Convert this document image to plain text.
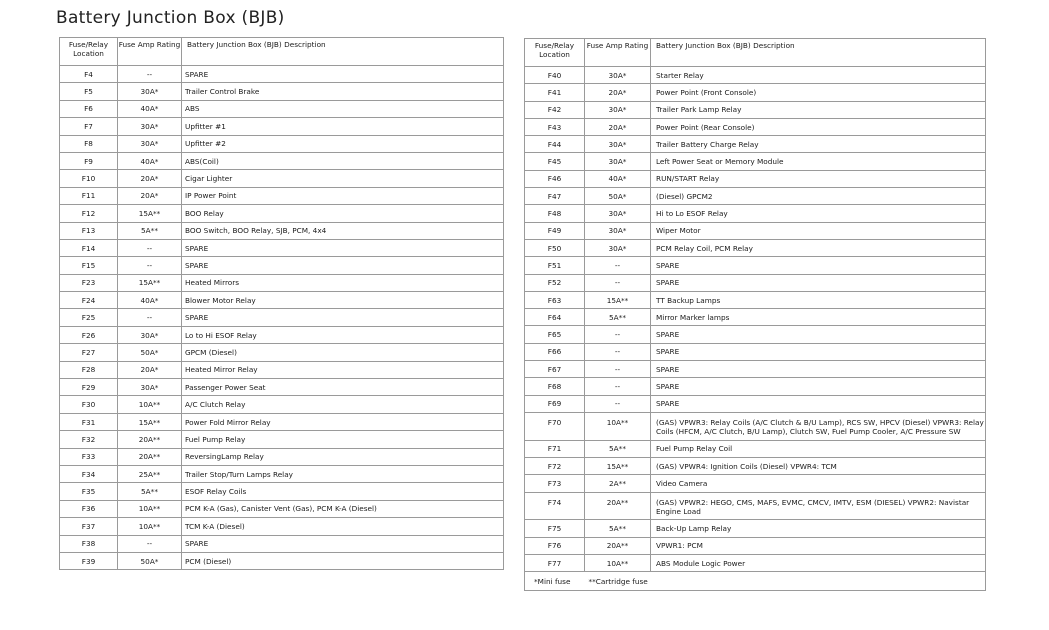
Battery Junction Box (BJB)
Fuse/Relay Location	Fuse Amp Rating	Battery Junction Box (BJB) Description
F4	--	SPARE
F5	30A*	Trailer Control Brake
F6	40A*	ABS
F7	30A*	Upfitter #1
F8	30A*	Upfitter #2
F9	40A*	ABS(Coil)
F10	20A*	Cigar Lighter
F11	20A*	IP Power Point
F12	15A**	BOO Relay
F13	5A**	BOO Switch, BOO Relay, SJB, PCM, 4x4
F14	--	SPARE
F15	--	SPARE
F23	15A**	Heated Mirrors
F24	40A*	Blower Motor Relay
F25	--	SPARE
F26	30A*	Lo to Hi ESOF Relay
F27	50A*	GPCM (Diesel)
F28	20A*	Heated Mirror Relay
F29	30A*	Passenger Power Seat
F30	10A**	A/C Clutch Relay
F31	15A**	Power Fold Mirror Relay
F32	20A**	Fuel Pump Relay
F33	20A**	ReversingLamp Relay
F34	25A**	Trailer Stop/Turn Lamps Relay
F35	5A**	ESOF Relay Coils
F36	10A**	PCM K-A (Gas), Canister Vent (Gas), PCM K-A (Diesel)
F37	10A**	TCM K-A (Diesel)
F38	--	SPARE
F39	50A*	PCM (Diesel)
Fuse/Relay Location	Fuse Amp Rating	Battery Junction Box (BJB) Description
F40	30A*	Starter Relay
F41	20A*	Power Point (Front Console)
F42	30A*	Trailer Park Lamp Relay
F43	20A*	Power Point (Rear Console)
F44	30A*	Trailer Battery Charge Relay
F45	30A*	Left Power Seat or Memory Module
F46	40A*	RUN/START Relay
F47	50A*	(Diesel) GPCM2
F48	30A*	Hi to Lo ESOF Relay
F49	30A*	Wiper Motor
F50	30A*	PCM Relay Coil, PCM Relay
F51	--	SPARE
F52	--	SPARE
F63	15A**	TT Backup Lamps
F64	5A**	Mirror Marker lamps
F65	--	SPARE
F66	--	SPARE
F67	--	SPARE
F68	--	SPARE
F69	--	SPARE
F70	10A**	(GAS) VPWR3: Relay Coils (A/C Clutch & B/U Lamp), RCS SW, HPCV (Diesel) VPWR3: Relay Coils (HFCM, A/C Clutch, B/U Lamp), Clutch SW, Fuel Pump Cooler, A/C Pressure SW
F71	5A**	Fuel Pump Relay Coil
F72	15A**	(GAS) VPWR4: Ignition Coils (Diesel) VPWR4: TCM
F73	2A**	Video Camera
F74	20A**	(GAS) VPWR2: HEGO, CMS, MAFS, EVMC, CMCV, IMTV, ESM (DIESEL) VPWR2: Navistar Engine Load
F75	5A**	Back-Up Lamp Relay
F76	20A**	VPWR1: PCM
F77	10A**	ABS Module Logic Power
*Mini fuse **Cartridge fuse		
